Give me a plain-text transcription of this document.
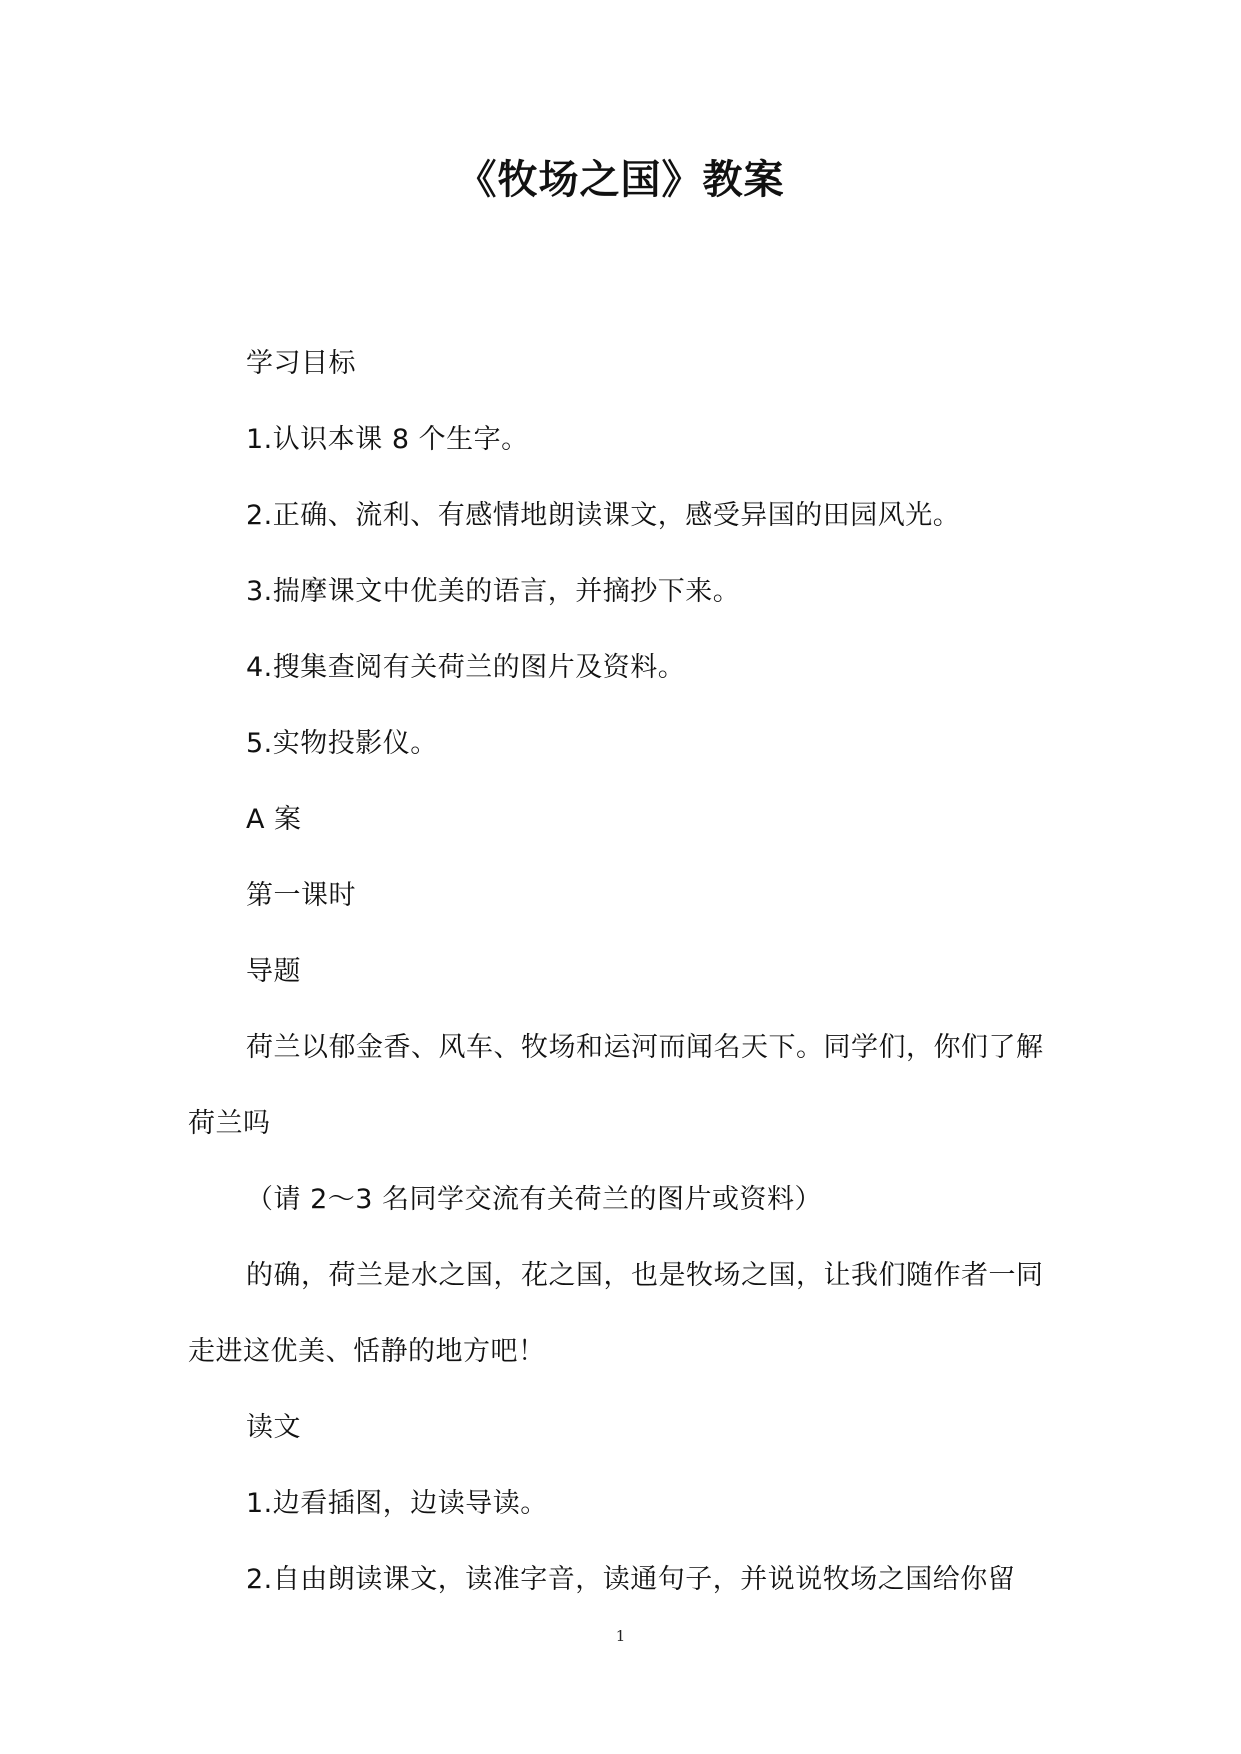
《牧场之国》教案

学习目标

1.认识本课 8 个生字。

2.正确、流利、有感情地朗读课文，感受异国的田园风光。

3.揣摩课文中优美的语言，并摘抄下来。

4.搜集查阅有关荷兰的图片及资料。

5.实物投影仪。

A 案

第一课时

导题

荷兰以郁金香、风车、牧场和运河而闻名天下。同学们，你们了解荷兰吗

（请 2～3 名同学交流有关荷兰的图片或资料）

的确，荷兰是水之国，花之国，也是牧场之国，让我们随作者一同走进这优美、恬静的地方吧！

读文

1.边看插图，边读导读。

2.自由朗读课文，读准字音，读通句子，并说说牧场之国给你留

1
